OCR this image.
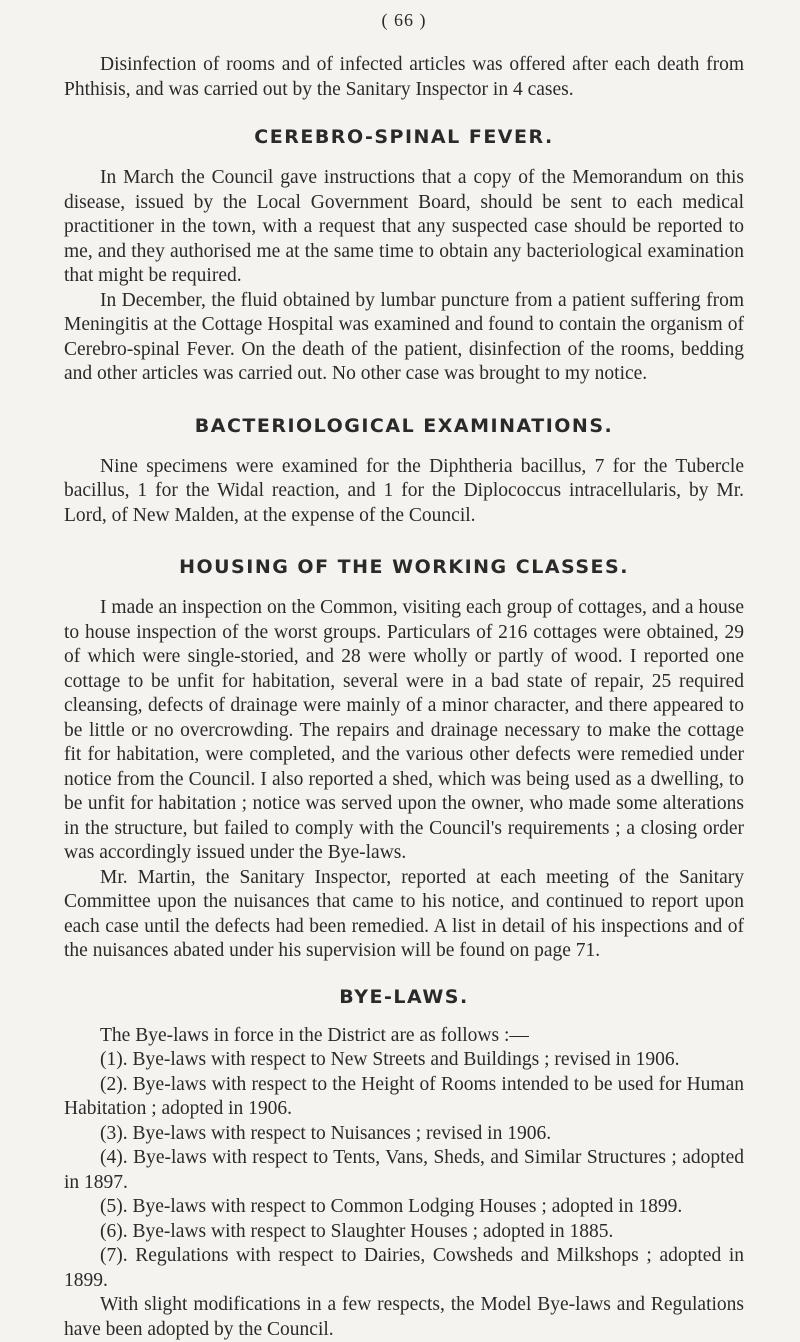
( 66 )

Disinfection of rooms and of infected articles was offered after each death from Phthisis, and was carried out by the Sanitary Inspector in 4 cases.

CEREBRO-SPINAL FEVER.

In March the Council gave instructions that a copy of the Memorandum on this disease, issued by the Local Government Board, should be sent to each medical practitioner in the town, with a request that any suspected case should be reported to me, and they authorised me at the same time to obtain any bacteriological examination that might be required.

In December, the fluid obtained by lumbar puncture from a patient suffering from Meningitis at the Cottage Hospital was examined and found to contain the organism of Cerebro-spinal Fever. On the death of the patient, disinfection of the rooms, bedding and other articles was carried out. No other case was brought to my notice.

BACTERIOLOGICAL EXAMINATIONS.

Nine specimens were examined for the Diphtheria bacillus, 7 for the Tubercle bacillus, 1 for the Widal reaction, and 1 for the Diplococcus intracellularis, by Mr. Lord, of New Malden, at the expense of the Council.

HOUSING OF THE WORKING CLASSES.

I made an inspection on the Common, visiting each group of cottages, and a house to house inspection of the worst groups. Particulars of 216 cottages were obtained, 29 of which were single-storied, and 28 were wholly or partly of wood. I reported one cottage to be unfit for habitation, several were in a bad state of repair, 25 required cleansing, defects of drainage were mainly of a minor character, and there appeared to be little or no overcrowding. The repairs and drainage necessary to make the cottage fit for habitation, were completed, and the various other defects were remedied under notice from the Council. I also reported a shed, which was being used as a dwelling, to be unfit for habitation ; notice was served upon the owner, who made some alterations in the structure, but failed to comply with the Council's requirements ; a closing order was accordingly issued under the Bye-laws.

Mr. Martin, the Sanitary Inspector, reported at each meeting of the Sanitary Committee upon the nuisances that came to his notice, and continued to report upon each case until the defects had been remedied. A list in detail of his inspections and of the nuisances abated under his supervision will be found on page 71.

BYE-LAWS.

The Bye-laws in force in the District are as follows :—

(1). Bye-laws with respect to New Streets and Buildings ; revised in 1906.

(2). Bye-laws with respect to the Height of Rooms intended to be used for Human Habitation ; adopted in 1906.

(3). Bye-laws with respect to Nuisances ; revised in 1906.

(4). Bye-laws with respect to Tents, Vans, Sheds, and Similar Structures ; adopted in 1897.

(5). Bye-laws with respect to Common Lodging Houses ; adopted in 1899.

(6). Bye-laws with respect to Slaughter Houses ; adopted in 1885.

(7). Regulations with respect to Dairies, Cowsheds and Milkshops ; adopted in 1899.

With slight modifications in a few respects, the Model Bye-laws and Regulations have been adopted by the Council.
